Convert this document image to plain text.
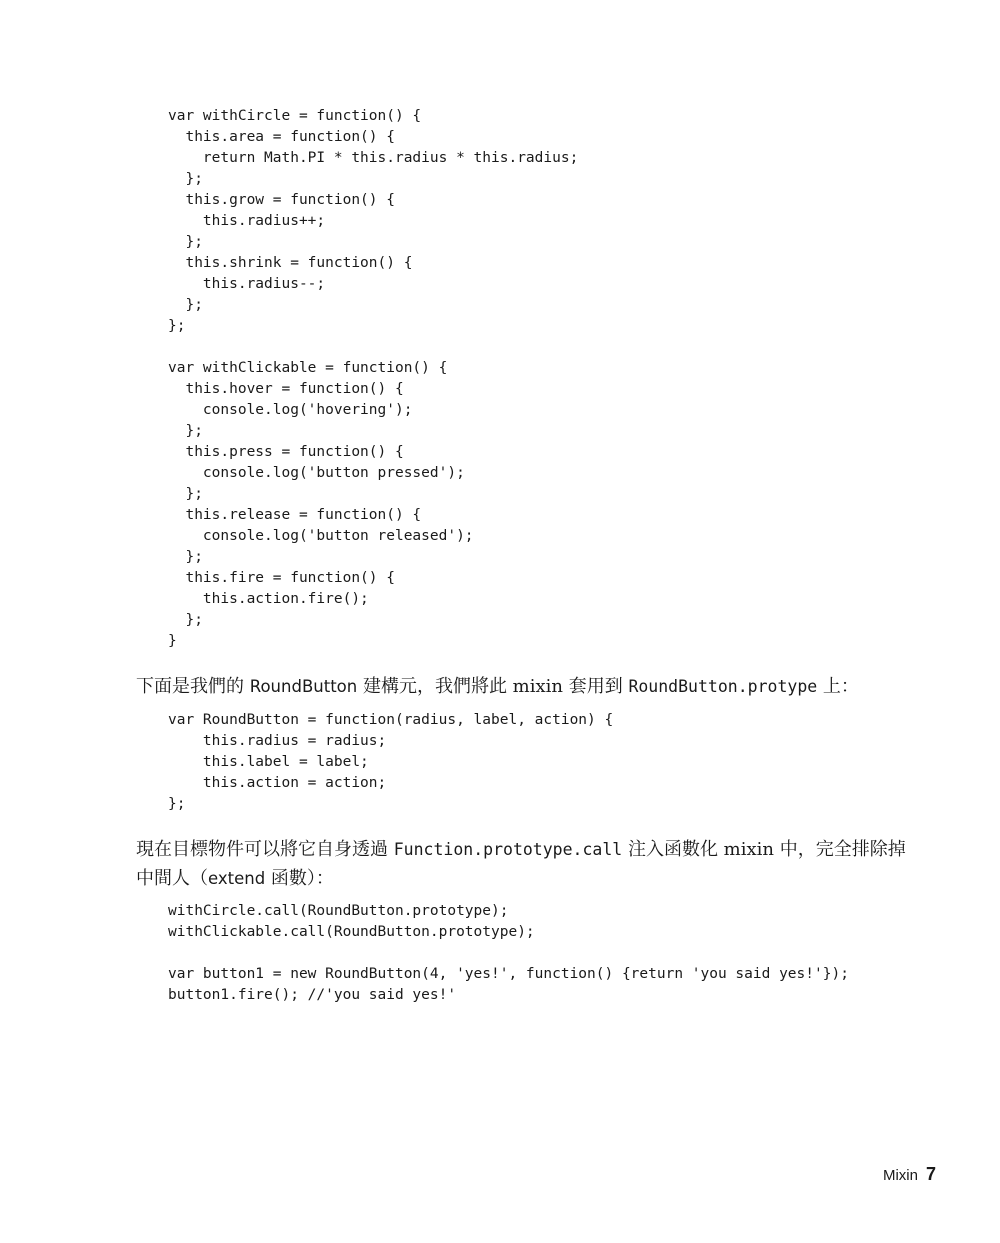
var withCircle = function() {
this.area = function() {
return Math.PI * this.radius * this.radius;
};
this.grow = function() {
this.radius++;
};
this.shrink = function() {
this.radius--;
};
};
var withClickable = function() {
this.hover = function() {
console.log('hovering');
};
this.press = function() {
console.log('button pressed');
};
this.release = function() {
console.log('button released');
};
this.fire = function() {
this.action.fire();
};
}

下面是我們的 RoundButton 建構元，我們將此 mixin 套用到 RoundButton.protype 上：

var RoundButton = function(radius, label, action) {
this.radius = radius;
this.label = label;
this.action = action;
};

現在目標物件可以將它自身透過 Function.prototype.call 注入函數化 mixin 中，完全排除掉中間人（extend 函數）：

withCircle.call(RoundButton.prototype);
withClickable.call(RoundButton.prototype);
var button1 = new RoundButton(4, 'yes!', function() {return 'you said yes!'});
button1.fire(); //'you said yes!'
Mixin 7
